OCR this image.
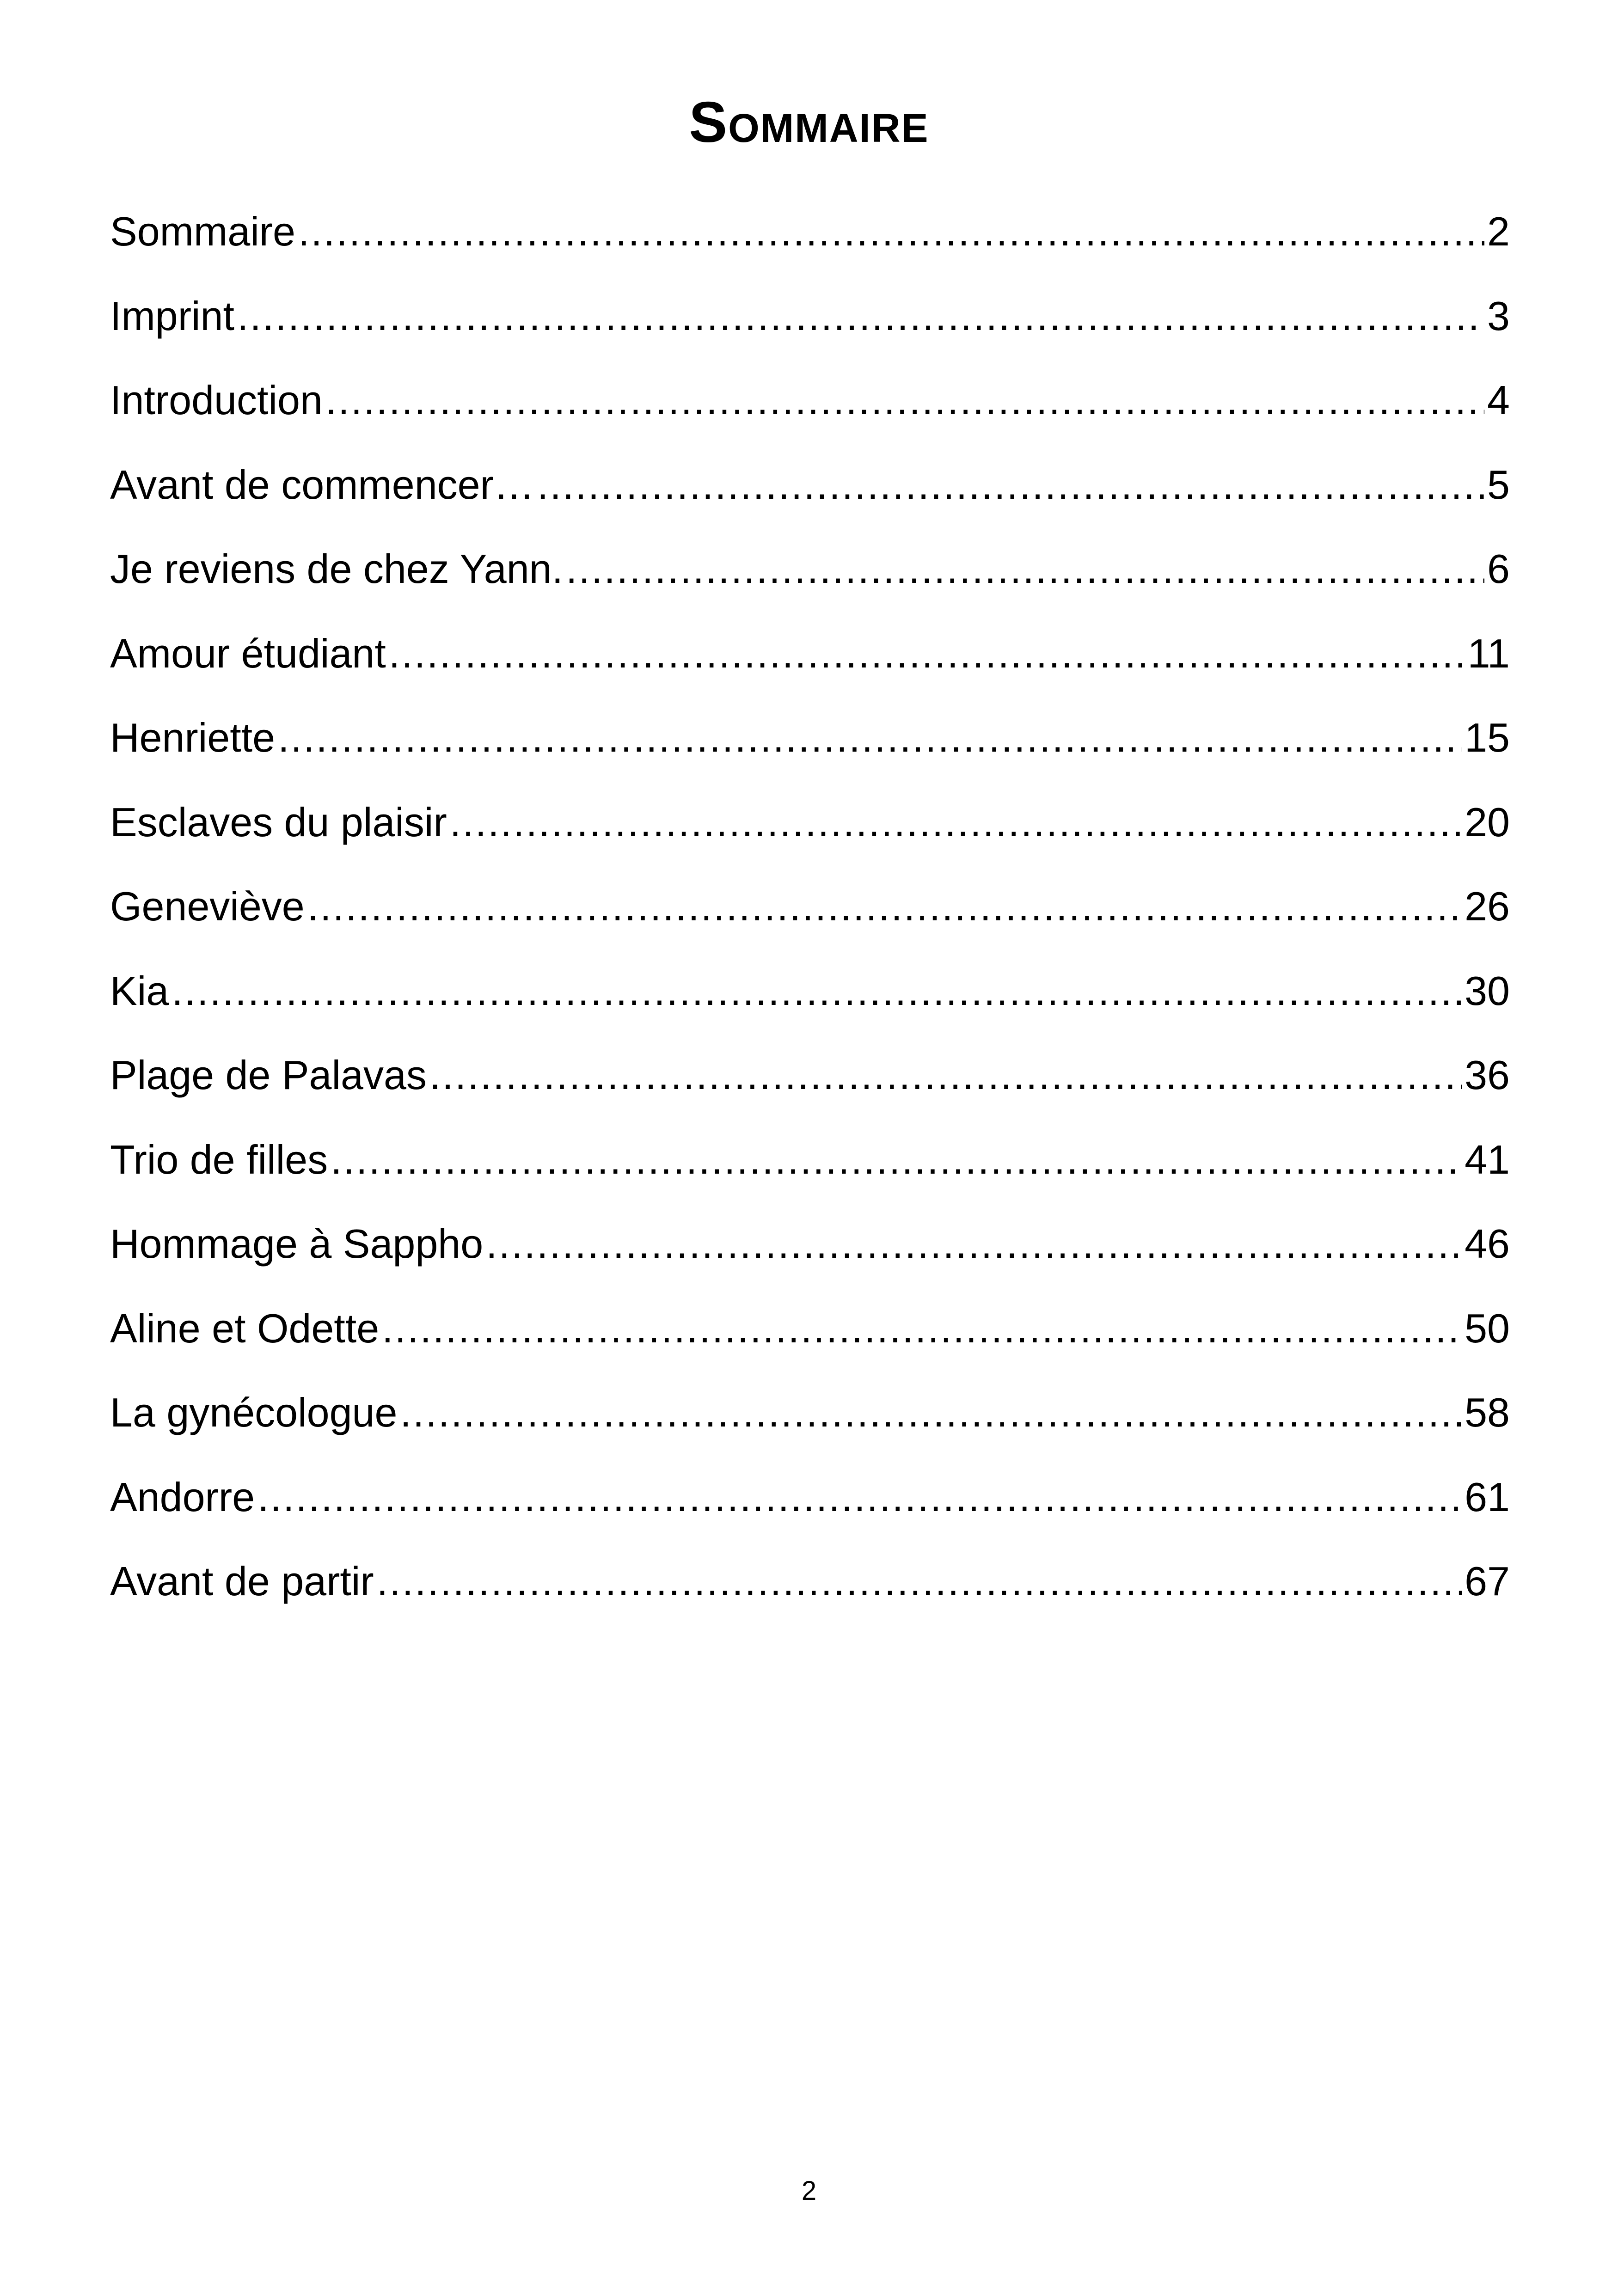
Sommaire
Sommaire .....	2
Imprint .....	3
Introduction .....	4
Avant de commencer… .....	5
Je reviens de chez Yann. .....	6
Amour étudiant .....	11
Henriette .....	15
Esclaves du plaisir .....	20
Geneviève .....	26
Kia .....	30
Plage de Palavas .....	36
Trio de filles .....	41
Hommage à Sappho .....	46
Aline et Odette .....	50
La gynécologue .....	58
Andorre .....	61
Avant de partir .....	67
2
